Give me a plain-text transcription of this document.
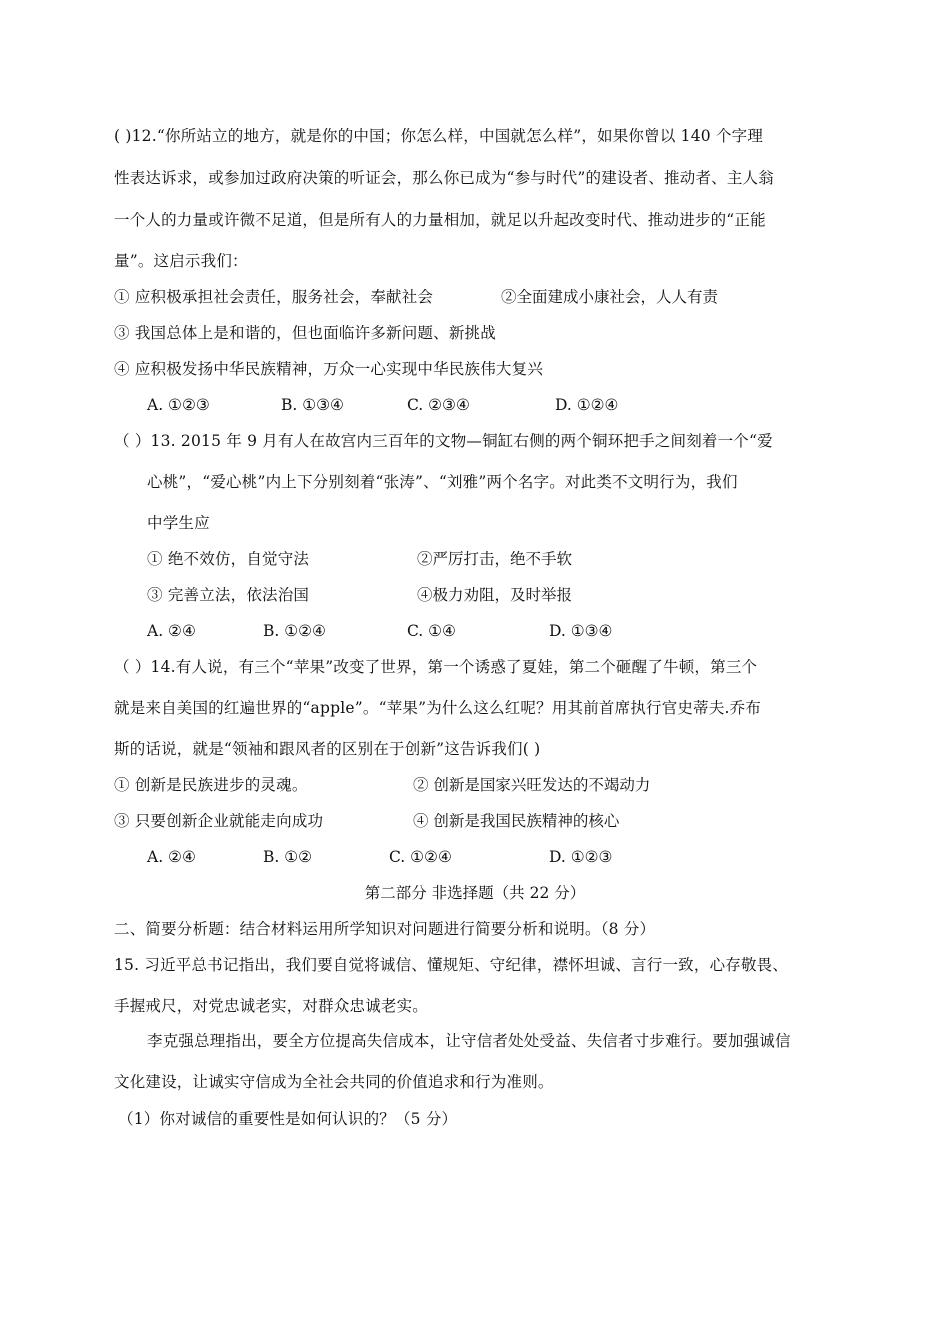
( )12.“你所站立的地方，就是你的中国；你怎么样，中国就怎么样”，如果你曾以 140 个字理
性表达诉求，或参加过政府决策的听证会，那么你已成为“参与时代”的建设者、推动者、主人翁
一个人的力量或许微不足道，但是所有人的力量相加，就足以升起改变时代、推动进步的“正能
量”。这启示我们：
① 应积极承担社会责任，服务社会，奉献社会	②全面建成小康社会，人人有责
③ 我国总体上是和谐的，但也面临许多新问题、新挑战
④ 应积极发扬中华民族精神，万众一心实现中华民族伟大复兴
A. ①②③	B. ①③④	C. ②③④	D. ①②④
（ ）13. 2015 年 9 月有人在故宫内三百年的文物—铜缸右侧的两个铜环把手之间刻着一个“爱
心桃”，“爱心桃”内上下分别刻着“张涛”、“刘雅”两个名字。对此类不文明行为，我们
中学生应
① 绝不效仿，自觉守法	②严厉打击，绝不手软
③ 完善立法，依法治国	④极力劝阻，及时举报
A. ②④	B. ①②④	C. ①④	D. ①③④
（ ）14.有人说，有三个“苹果”改变了世界，第一个诱惑了夏娃，第二个砸醒了牛顿，第三个
就是来自美国的红遍世界的“apple”。“苹果”为什么这么红呢？用其前首席执行官史蒂夫.乔布
斯的话说，就是“领袖和跟风者的区别在于创新”这告诉我们( )
① 创新是民族进步的灵魂。	② 创新是国家兴旺发达的不竭动力
③ 只要创新企业就能走向成功	④ 创新是我国民族精神的核心
A. ②④	B. ①②	C. ①②④	D. ①②③
第二部分 非选择题（共 22 分）
二、简要分析题：结合材料运用所学知识对问题进行简要分析和说明。（8 分）
15. 习近平总书记指出，我们要自觉将诚信、懂规矩、守纪律，襟怀坦诚、言行一致，心存敬畏、
手握戒尺，对党忠诚老实，对群众忠诚老实。
李克强总理指出，要全方位提高失信成本，让守信者处处受益、失信者寸步难行。要加强诚信
文化建设，让诚实守信成为全社会共同的价值追求和行为准则。
（1）你对诚信的重要性是如何认识的？（5 分）
